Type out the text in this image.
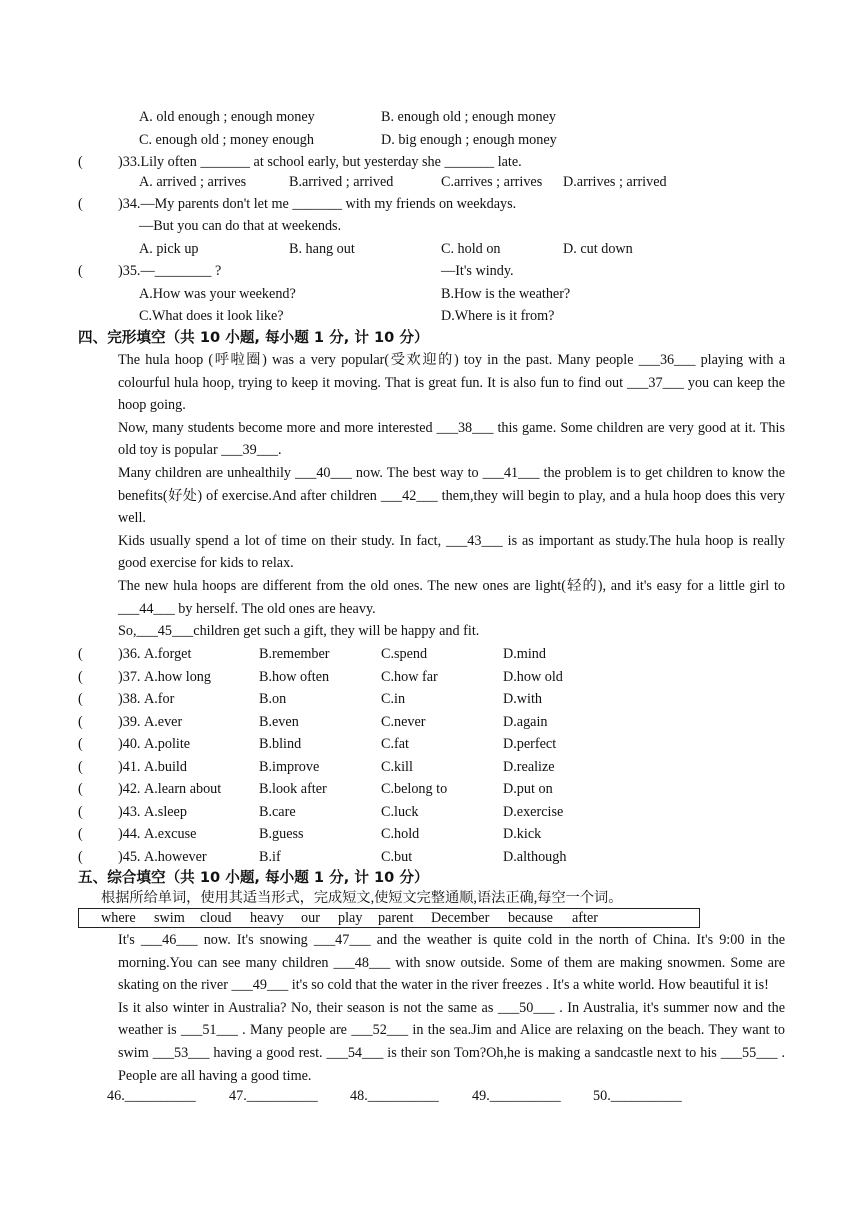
A. old enough ; enough money	B. enough old ; enough money
C. enough old ; money enough	D. big enough ; enough money
( )33.Lily often _______ at school early, but yesterday she _______ late.
A. arrived ; arrives	B.arrived ; arrived	C.arrives ; arrives D.arrives ; arrived
( )34.—My parents don't let me _______ with my friends on weekdays.
—But you can do that at weekends.
A. pick up	B. hang out	C. hold on	D. cut down
( )35.—________ ?	—It's windy.
A.How was your weekend?	B.How is the weather?
C.What does it look like?	D.Where is it from?
四、完形填空（共 10 小题, 每小题 1 分, 计 10 分）
The hula hoop (呼啦圈) was a very popular(受欢迎的) toy in the past. Many people ___36___ playing with a colourful hula hoop, trying to keep it moving. That is great fun. It is also fun to find out ___37___ you can keep the hoop going.
Now, many students become more and more interested ___38___ this game. Some children are very good at it. This old toy is popular ___39___.
Many children are unhealthily ___40___ now. The best way to ___41___ the problem is to get children to know the benefits(好处) of exercise.And after children ___42___ them,they will begin to play, and a hula hoop does this very well.
Kids usually spend a lot of time on their study. In fact, ___43___ is as important as study.The hula hoop is really good exercise for kids to relax.
The new hula hoops are different from the old ones. The new ones are light(轻的), and it's easy for a little girl to ___44___ by herself. The old ones are heavy.
So,___45___children get such a gift, they will be happy and fit.
( )36. A.forget	B.remember	C.spend	D.mind
( )37. A.how long	B.how often	C.how far	D.how old
( )38. A.for	B.on	C.in	D.with
( )39. A.ever	B.even	C.never	D.again
( )40. A.polite	B.blind	C.fat	D.perfect
( )41. A.build	B.improve	C.kill	D.realize
( )42. A.learn about	B.look after	C.belong to	D.put on
( )43. A.sleep	B.care	C.luck	D.exercise
( )44. A.excuse	B.guess	C.hold	D.kick
( )45. A.however	B.if	C.but	D.although
五、综合填空（共 10 小题, 每小题 1 分, 计 10 分）
根据所给单词，使用其适当形式，完成短文,使短文完整通顺,语法正确,每空一个词。
where swim cloud heavy our play parent December because after
It's ___46___ now. It's snowing ___47___ and the weather is quite cold in the north of China. It's 9:00 in the morning.You can see many children ___48___ with snow outside. Some of them are making snowmen. Some are skating on the river ___49___ it's so cold that the water in the river freezes . It's a white world. How beautiful it is!
Is it also winter in Australia? No, their season is not the same as ___50___ . In Australia, it's summer now and the weather is ___51___ . Many people are ___52___ in the sea.Jim and Alice are relaxing on the beach. They want to swim ___53___ having a good rest. ___54___ is their son Tom?Oh,he is making a sandcastle next to his ___55___ . People are all having a good time.
46.__________ 47.__________ 48.__________ 49.__________ 50.__________
